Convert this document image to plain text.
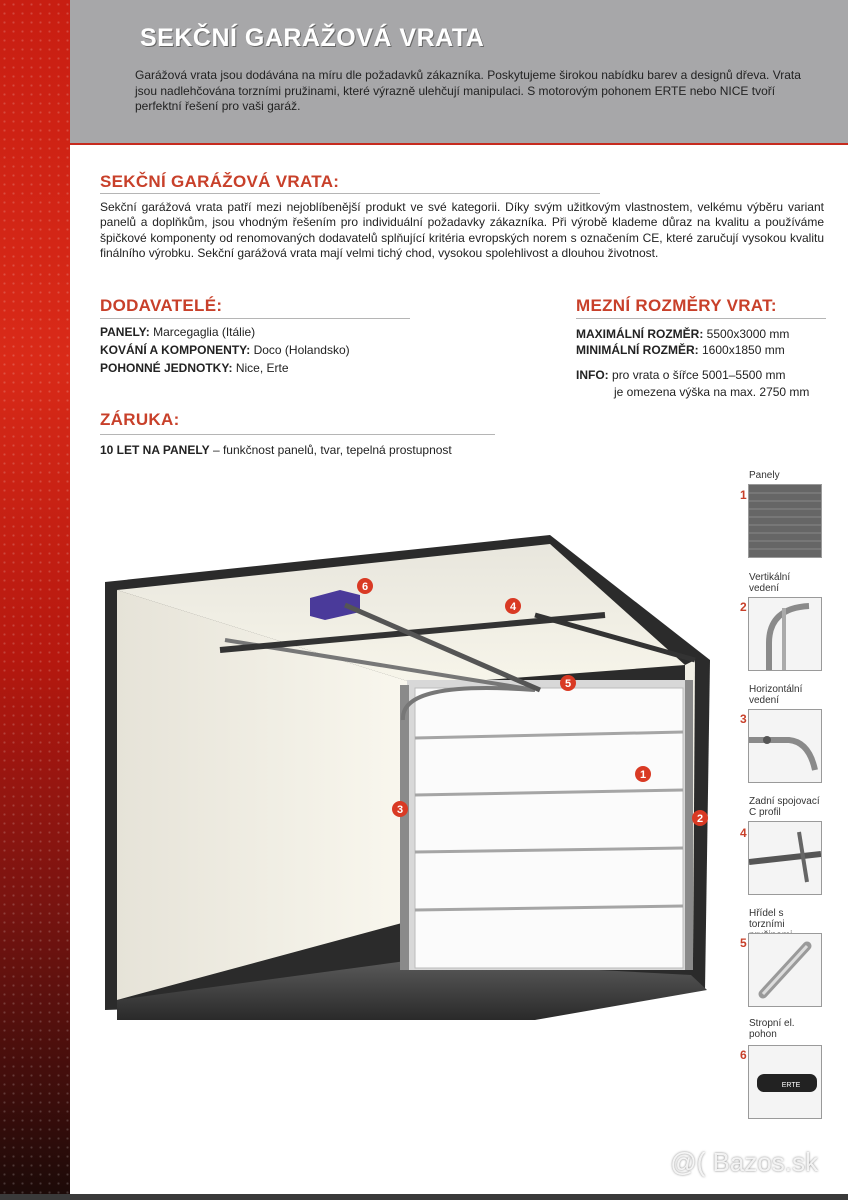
SEKČNÍ GARÁŽOVÁ VRATA
Garážová vrata jsou dodávána na míru dle požadavků zákazníka. Poskytujeme širokou nabídku barev a designů dřeva. Vrata jsou nadlehčována torzními pružinami, které výrazně ulehčují manipulaci. S motorovým pohonem ERTE nebo NICE tvoří perfektní řešení pro vaši garáž.
SEKČNÍ GARÁŽOVÁ VRATA:
Sekční garážová vrata patří mezi nejoblíbenější produkt ve své kategorii. Díky svým užitkovým vlastnostem, velkému výběru variant panelů a doplňkům, jsou vhodným řešením pro individuální požadavky zákazníka. Při výrobě klademe důraz na kvalitu a používáme špičkové komponenty od renomovaných dodavatelů splňující kritéria evropských norem s označením CE, které zaručují vysokou kvalitu finálního výrobku. Sekční garážová vrata mají velmi tichý chod, vysokou spolehlivost a dlouhou životnost.
DODAVATELÉ:
PANELY: Marcegaglia (Itálie)
KOVÁNÍ A KOMPONENTY: Doco (Holandsko)
POHONNÉ JEDNOTKY: Nice, Erte
MEZNÍ ROZMĚRY VRAT:
MAXIMÁLNÍ ROZMĚR: 5500x3000 mm
MINIMÁLNÍ ROZMĚR: 1600x1850 mm
INFO: pro vrata o šířce 5001–5500 mm
je omezena výška na max. 2750 mm
ZÁRUKA:
10 LET NA PANELY – funkčnost panelů, tvar, tepelná prostupnost
6
4
5
1
3
2
Panely
1
Vertikální vedení
2
Horizontální vedení
3
Zadní spojovací C profil
4
Hřídel s torzními
5
Stropní el. pohon
6
ERTE
@( Bazos.sk
